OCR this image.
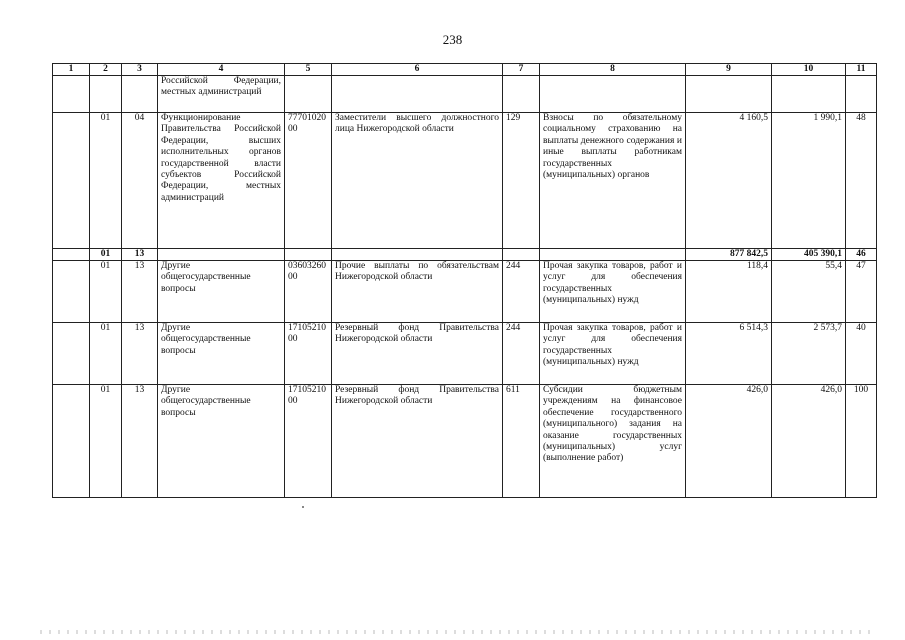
238
1	2	3	4	5	6	7	8	9	10	11
			Российской Федерации, местных администраций							
	01	04	Функционирование Правительства Российской Федерации, высших исполнительных органов государственной власти субъектов Российской Федерации, местных администраций	7770102000	Заместители высшего должностного лица Нижегородской области	129	Взносы по обязательному социальному страхованию на выплаты денежного содержания и иные выплаты работникам государственных (муниципальных) органов	4 160,5	1 990,1	48
	01	13						877 842,5	405 390,1	46
	01	13	Другие общегосударственные вопросы	0360326000	Прочие выплаты по обязательствам Нижегородской области	244	Прочая закупка товаров, работ и услуг для обеспечения государственных (муниципальных) нужд	118,4	55,4	47
	01	13	Другие общегосударственные вопросы	1710521000	Резервный фонд Правительства Нижегородской области	244	Прочая закупка товаров, работ и услуг для обеспечения государственных (муниципальных) нужд	6 514,3	2 573,7	40
	01	13	Другие общегосударственные вопросы	1710521000	Резервный фонд Правительства Нижегородской области	611	Субсидии бюджетным учреждениям на финансовое обеспечение государственного (муниципального) задания на оказание государственных (муниципальных) услуг (выполнение работ)	426,0	426,0	100
